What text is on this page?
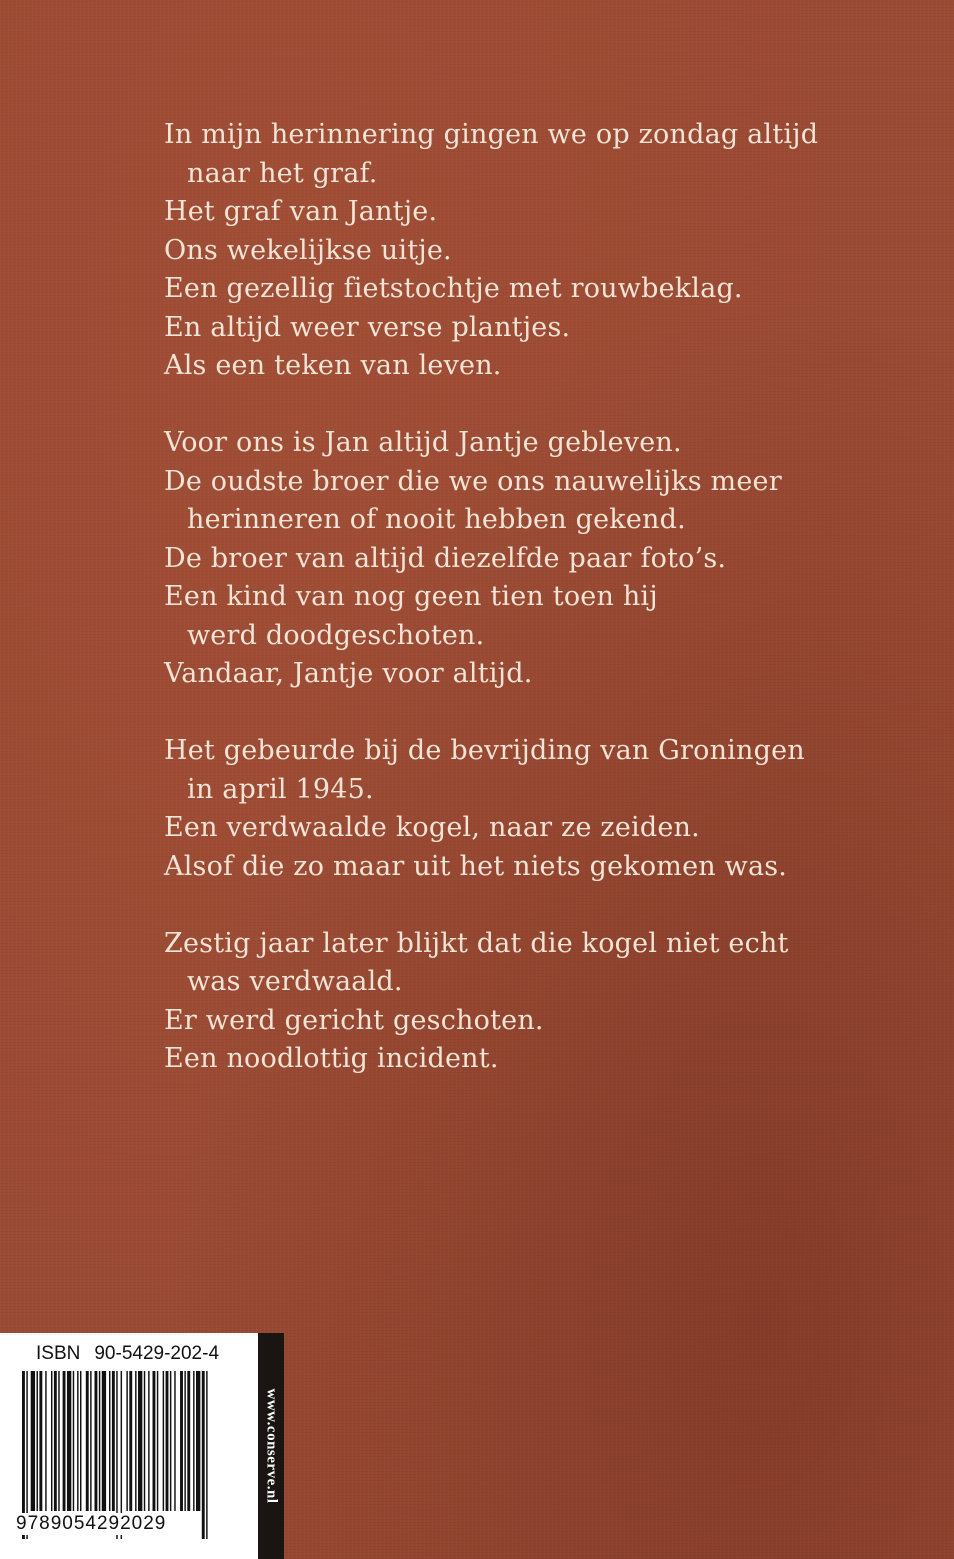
In mijn herinnering gingen we op zondag altijd
naar het graf.
Het graf van Jantje.
Ons wekelijkse uitje.
Een gezellig fietstochtje met rouwbeklag.
En altijd weer verse plantjes.
Als een teken van leven.
Voor ons is Jan altijd Jantje gebleven.
De oudste broer die we ons nauwelijks meer
herinneren of nooit hebben gekend.
De broer van altijd diezelfde paar foto’s.
Een kind van nog geen tien toen hij
werd doodgeschoten.
Vandaar, Jantje voor altijd.
Het gebeurde bij de bevrijding van Groningen
in april 1945.
Een verdwaalde kogel, naar ze zeiden.
Alsof die zo maar uit het niets gekomen was.
Zestig jaar later blijkt dat die kogel niet echt
was verdwaald.
Er werd gericht geschoten.
Een noodlottig incident.
ISBN 90-5429-202-4
9789054292029
www.conserve.nl
